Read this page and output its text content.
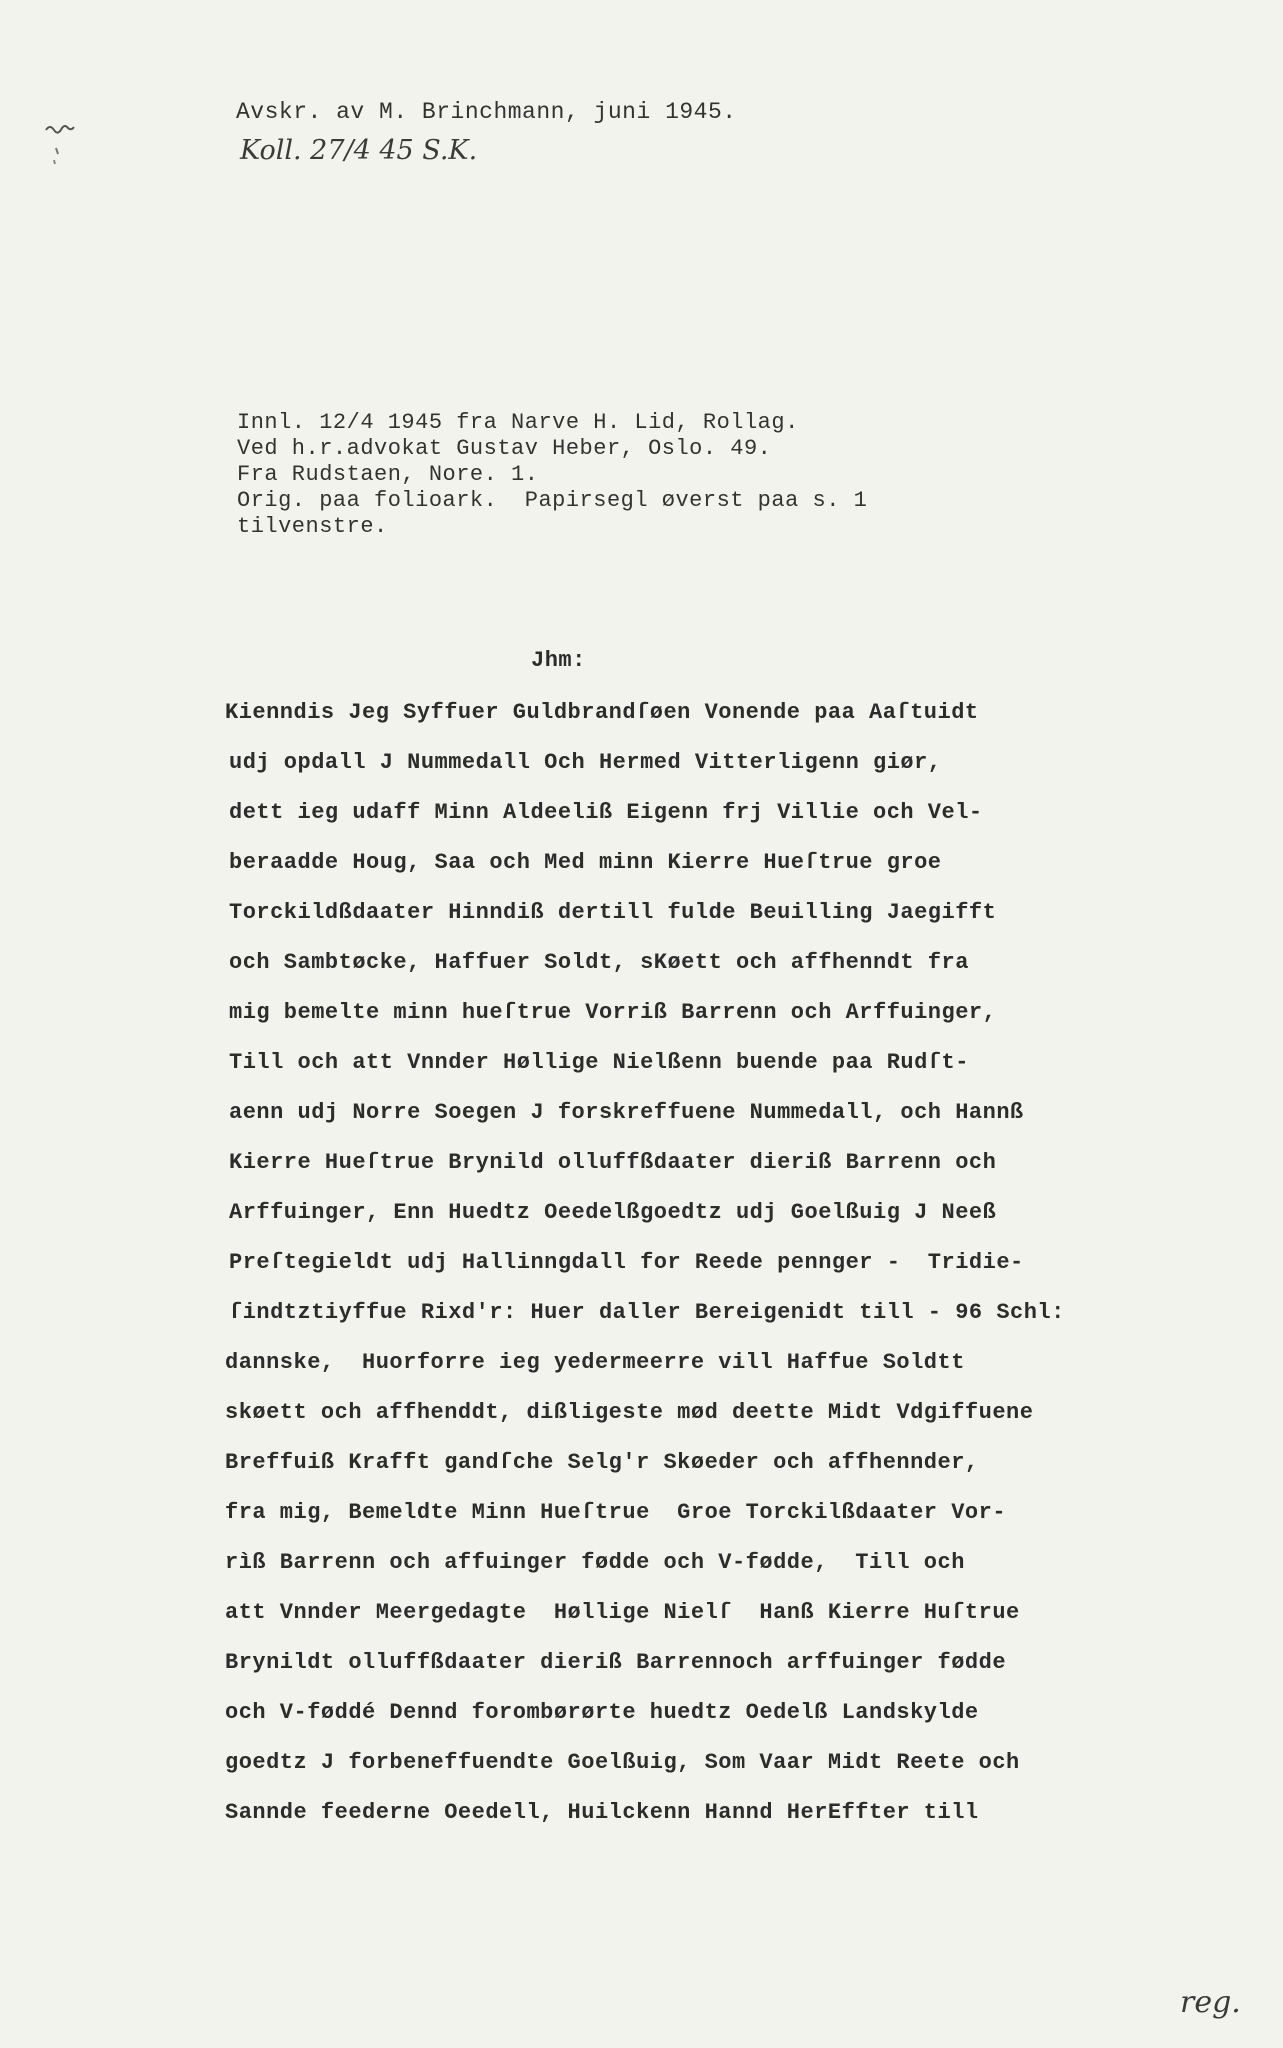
Avskr. av M. Brinchmann, juni 1945.
Koll. 27/4 45 S.K.
Innl. 12/4 1945 fra Narve H. Lid, Rollag.
Ved h.r.advokat Gustav Heber, Oslo. 49.
Fra Rudstaen, Nore. 1.
Orig. paa folioark.  Papirsegl øverst paa s. 1
tilvenstre.
Jhm:
Kienndis Jeg Syffuer Guldbrandſøen Vonende paa Aaſtuidt
udj opdall J Nummedall Och Hermed Vitterligenn giør,
dett ieg udaff Minn Aldeeliß Eigenn frj Villie och Vel-
beraadde Houg, Saa och Med minn Kierre Hueſtrue groe
Torckildßdaater Hinndiß dertill fulde Beuilling Jaegifft
och Sambtøcke, Haffuer Soldt, sKøett och affhenndt fra
mig bemelte minn hueſtrue Vorriß Barrenn och Arffuinger,
Till och att Vnnder Høllige Nielßenn buende paa Rudſt-
aenn udj Norre Soegen J forskreffuene Nummedall, och Hannß
Kierre Hueſtrue Brynild olluffßdaater dieriß Barrenn och
Arffuinger, Enn Huedtz Oeedelßgoedtz udj Goelßuig J Neeß
Preſtegieldt udj Hallinngdall for Reede pennger -  Tridie-
ſindtztiyffue Rixd'r: Huer daller Bereigenidt till - 96 Schl:
dannske,  Huorforre ieg yedermeerre vill Haffue Soldtt
skøett och affhenddt, dißligeste mød deette Midt Vdgiffuene
Breffuiß Krafft gandſche Selg'r Skøeder och affhennder,
fra mig, Bemeldte Minn Hueſtrue  Groe Torckilßdaater Vor-
rìß Barrenn och affuinger fødde och V-fødde,  Till och
att Vnnder Meergedagte  Høllige Nielſ  Hanß Kierre Huſtrue
Brynildt olluffßdaater dieriß Barrennoch arffuinger fødde
och V-føddé Dennd forombørørte huedtz Oedelß Landskylde
goedtz J forbeneffuendte Goelßuig, Som Vaar Midt Reete och
Sannde feederne Oeedell, Huilckenn Hannd HerEffter till
reg.
